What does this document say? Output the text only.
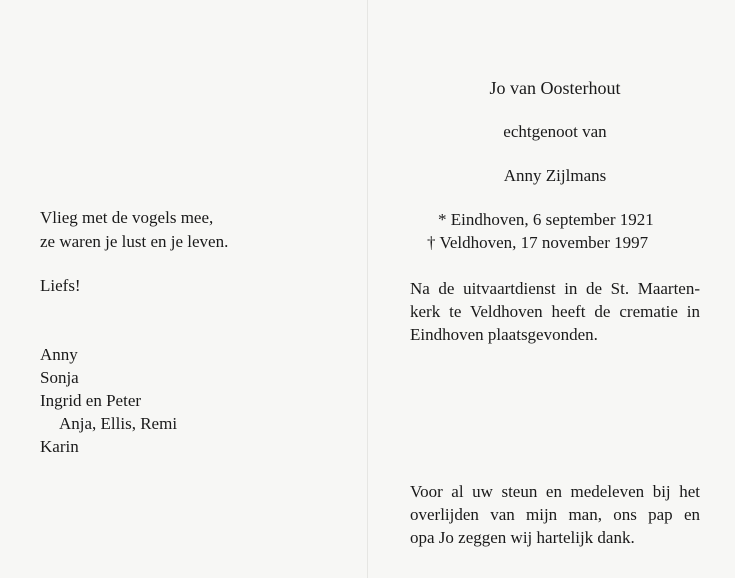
Vlieg met de vogels mee,
ze waren je lust en je leven.
Liefs!
Anny
Sonja
Ingrid en Peter
Anja, Ellis, Remi
Karin
Jo van Oosterhout
echtgenoot van
Anny Zijlmans
* Eindhoven, 6 september 1921
† Veldhoven, 17 november 1997
Na de uitvaartdienst in de St. Maarten-
kerk te Veldhoven heeft de crematie in
Eindhoven plaatsgevonden.
Voor al uw steun en medeleven bij het
overlijden van mijn man, ons pap en
opa Jo zeggen wij hartelijk dank.
